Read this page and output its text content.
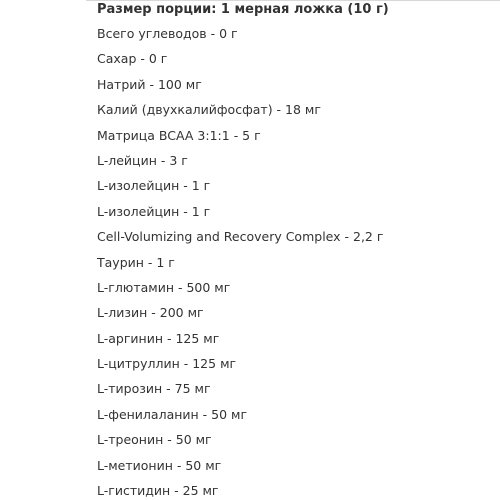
Размер порции: 1 мерная ложка (10 г)
Всего углеводов - 0 г
Сахар - 0 г
Натрий - 100 мг
Калий (двухкалийфосфат) - 18 мг
Матрица BCAA 3:1:1 - 5 г
L-лейцин - 3 г
L-изолейцин - 1 г
L-изолейцин - 1 г
Cell-Volumizing and Recovery Complex - 2,2 г
Таурин - 1 г
L-глютамин - 500 мг
L-лизин - 200 мг
L-аргинин - 125 мг
L-цитруллин - 125 мг
L-тирозин - 75 мг
L-фенилаланин - 50 мг
L-треонин - 50 мг
L-метионин - 50 мг
L-гистидин - 25 мг
